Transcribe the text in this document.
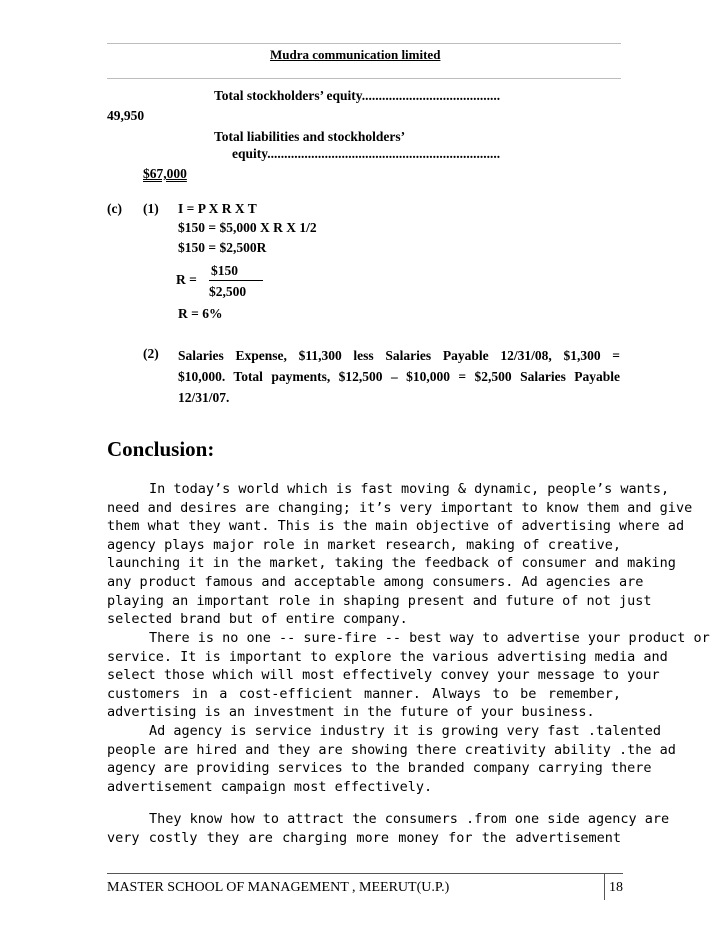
Mudra communication limited
Total stockholders’ equity.........................................
49,950
Total liabilities and stockholders’
equity.....................................................................
$67,000
(c) (1) I = P X R X T
$150 = $5,000 X R X 1/2
$150 = $2,500R
R =
$150
$2,500
R = 6%
(2) Salaries Expense, $11,300 less Salaries Payable 12/31/08, $1,300 =
$10,000. Total payments, $12,500 – $10,000 = $2,500 Salaries Payable
12/31/07.
Conclusion:
In today’s world which is fast moving & dynamic, people’s wants,
need and desires are changing; it’s very important to know them and give
them what they want. This is the main objective of advertising where ad
agency plays major role in market research, making of creative,
launching it in the market, taking the feedback of consumer and making
any product famous and acceptable among consumers. Ad agencies are
playing an important role in shaping present and future of not just
selected brand but of entire company.
There is no one -- sure-fire -- best way to advertise your product or
service. It is important to explore the various advertising media and
select those which will most effectively convey your message to your
customers in a cost-efficient manner. Always to be remember,
advertising is an investment in the future of your business.
Ad agency is service industry it is growing very fast .talented
people are hired and they are showing there creativity ability .the ad
agency are providing services to the branded company carrying there
advertisement campaign most effectively.
They know how to attract the consumers .from one side agency are
very costly they are charging more money for the advertisement
MASTER SCHOOL OF MANAGEMENT , MEERUT(U.P.)	18
